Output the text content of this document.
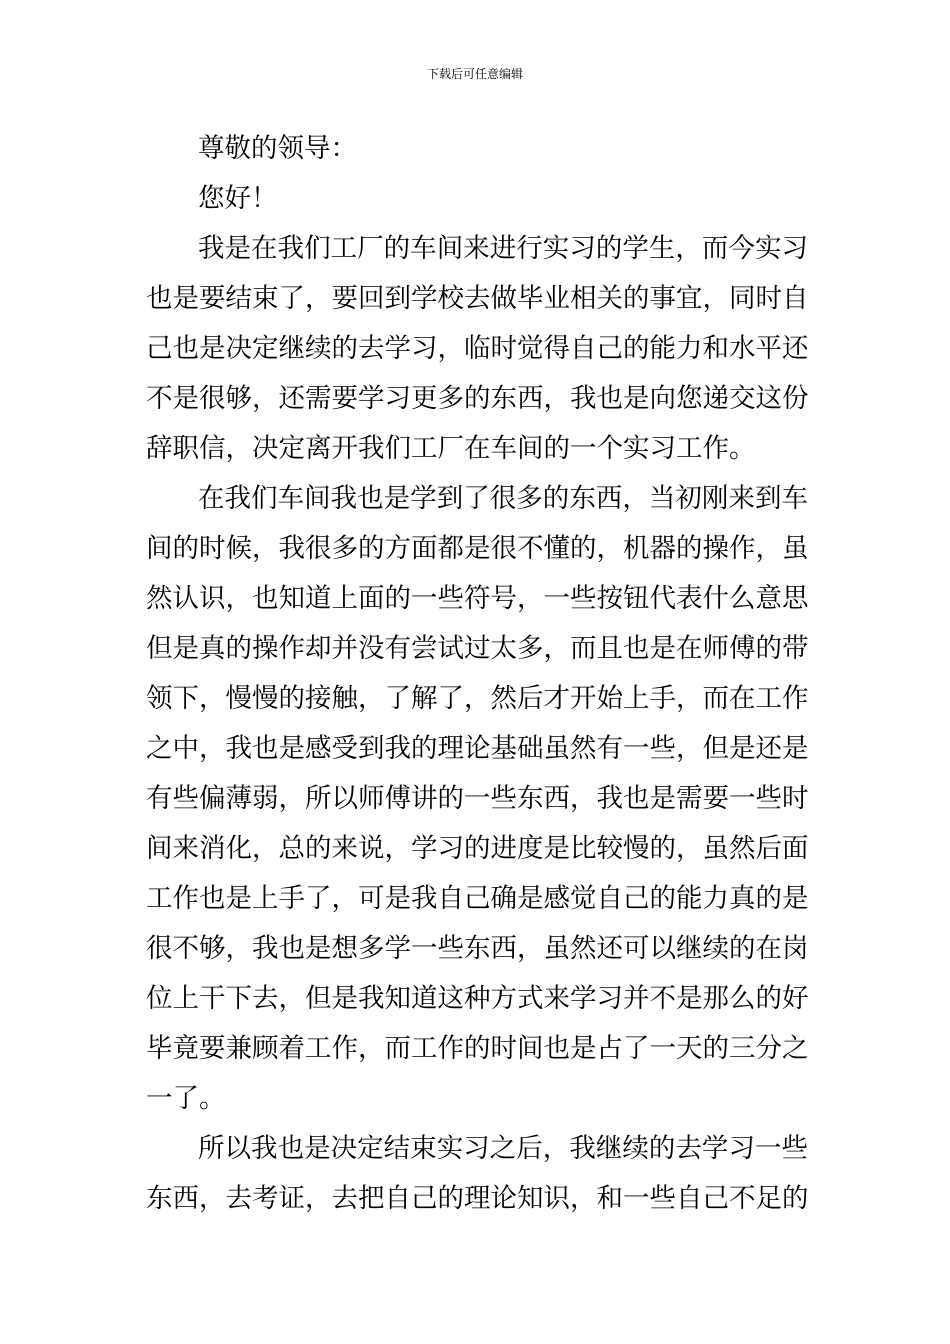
下载后可任意编辑
尊敬的领导：
您好！
我是在我们工厂的车间来进行实习的学生，而今实习
也是要结束了，要回到学校去做毕业相关的事宜，同时自
己也是决定继续的去学习，临时觉得自己的能力和水平还
不是很够，还需要学习更多的东西，我也是向您递交这份
辞职信，决定离开我们工厂在车间的一个实习工作。
在我们车间我也是学到了很多的东西，当初刚来到车
间的时候，我很多的方面都是很不懂的，机器的操作，虽
然认识，也知道上面的一些符号，一些按钮代表什么意思
但是真的操作却并没有尝试过太多，而且也是在师傅的带
领下，慢慢的接触，了解了，然后才开始上手，而在工作
之中，我也是感受到我的理论基础虽然有一些，但是还是
有些偏薄弱，所以师傅讲的一些东西，我也是需要一些时
间来消化，总的来说，学习的进度是比较慢的，虽然后面
工作也是上手了，可是我自己确是感觉自己的能力真的是
很不够，我也是想多学一些东西，虽然还可以继续的在岗
位上干下去，但是我知道这种方式来学习并不是那么的好
毕竟要兼顾着工作，而工作的时间也是占了一天的三分之
一了。
所以我也是决定结束实习之后，我继续的去学习一些
东西，去考证，去把自己的理论知识，和一些自己不足的
